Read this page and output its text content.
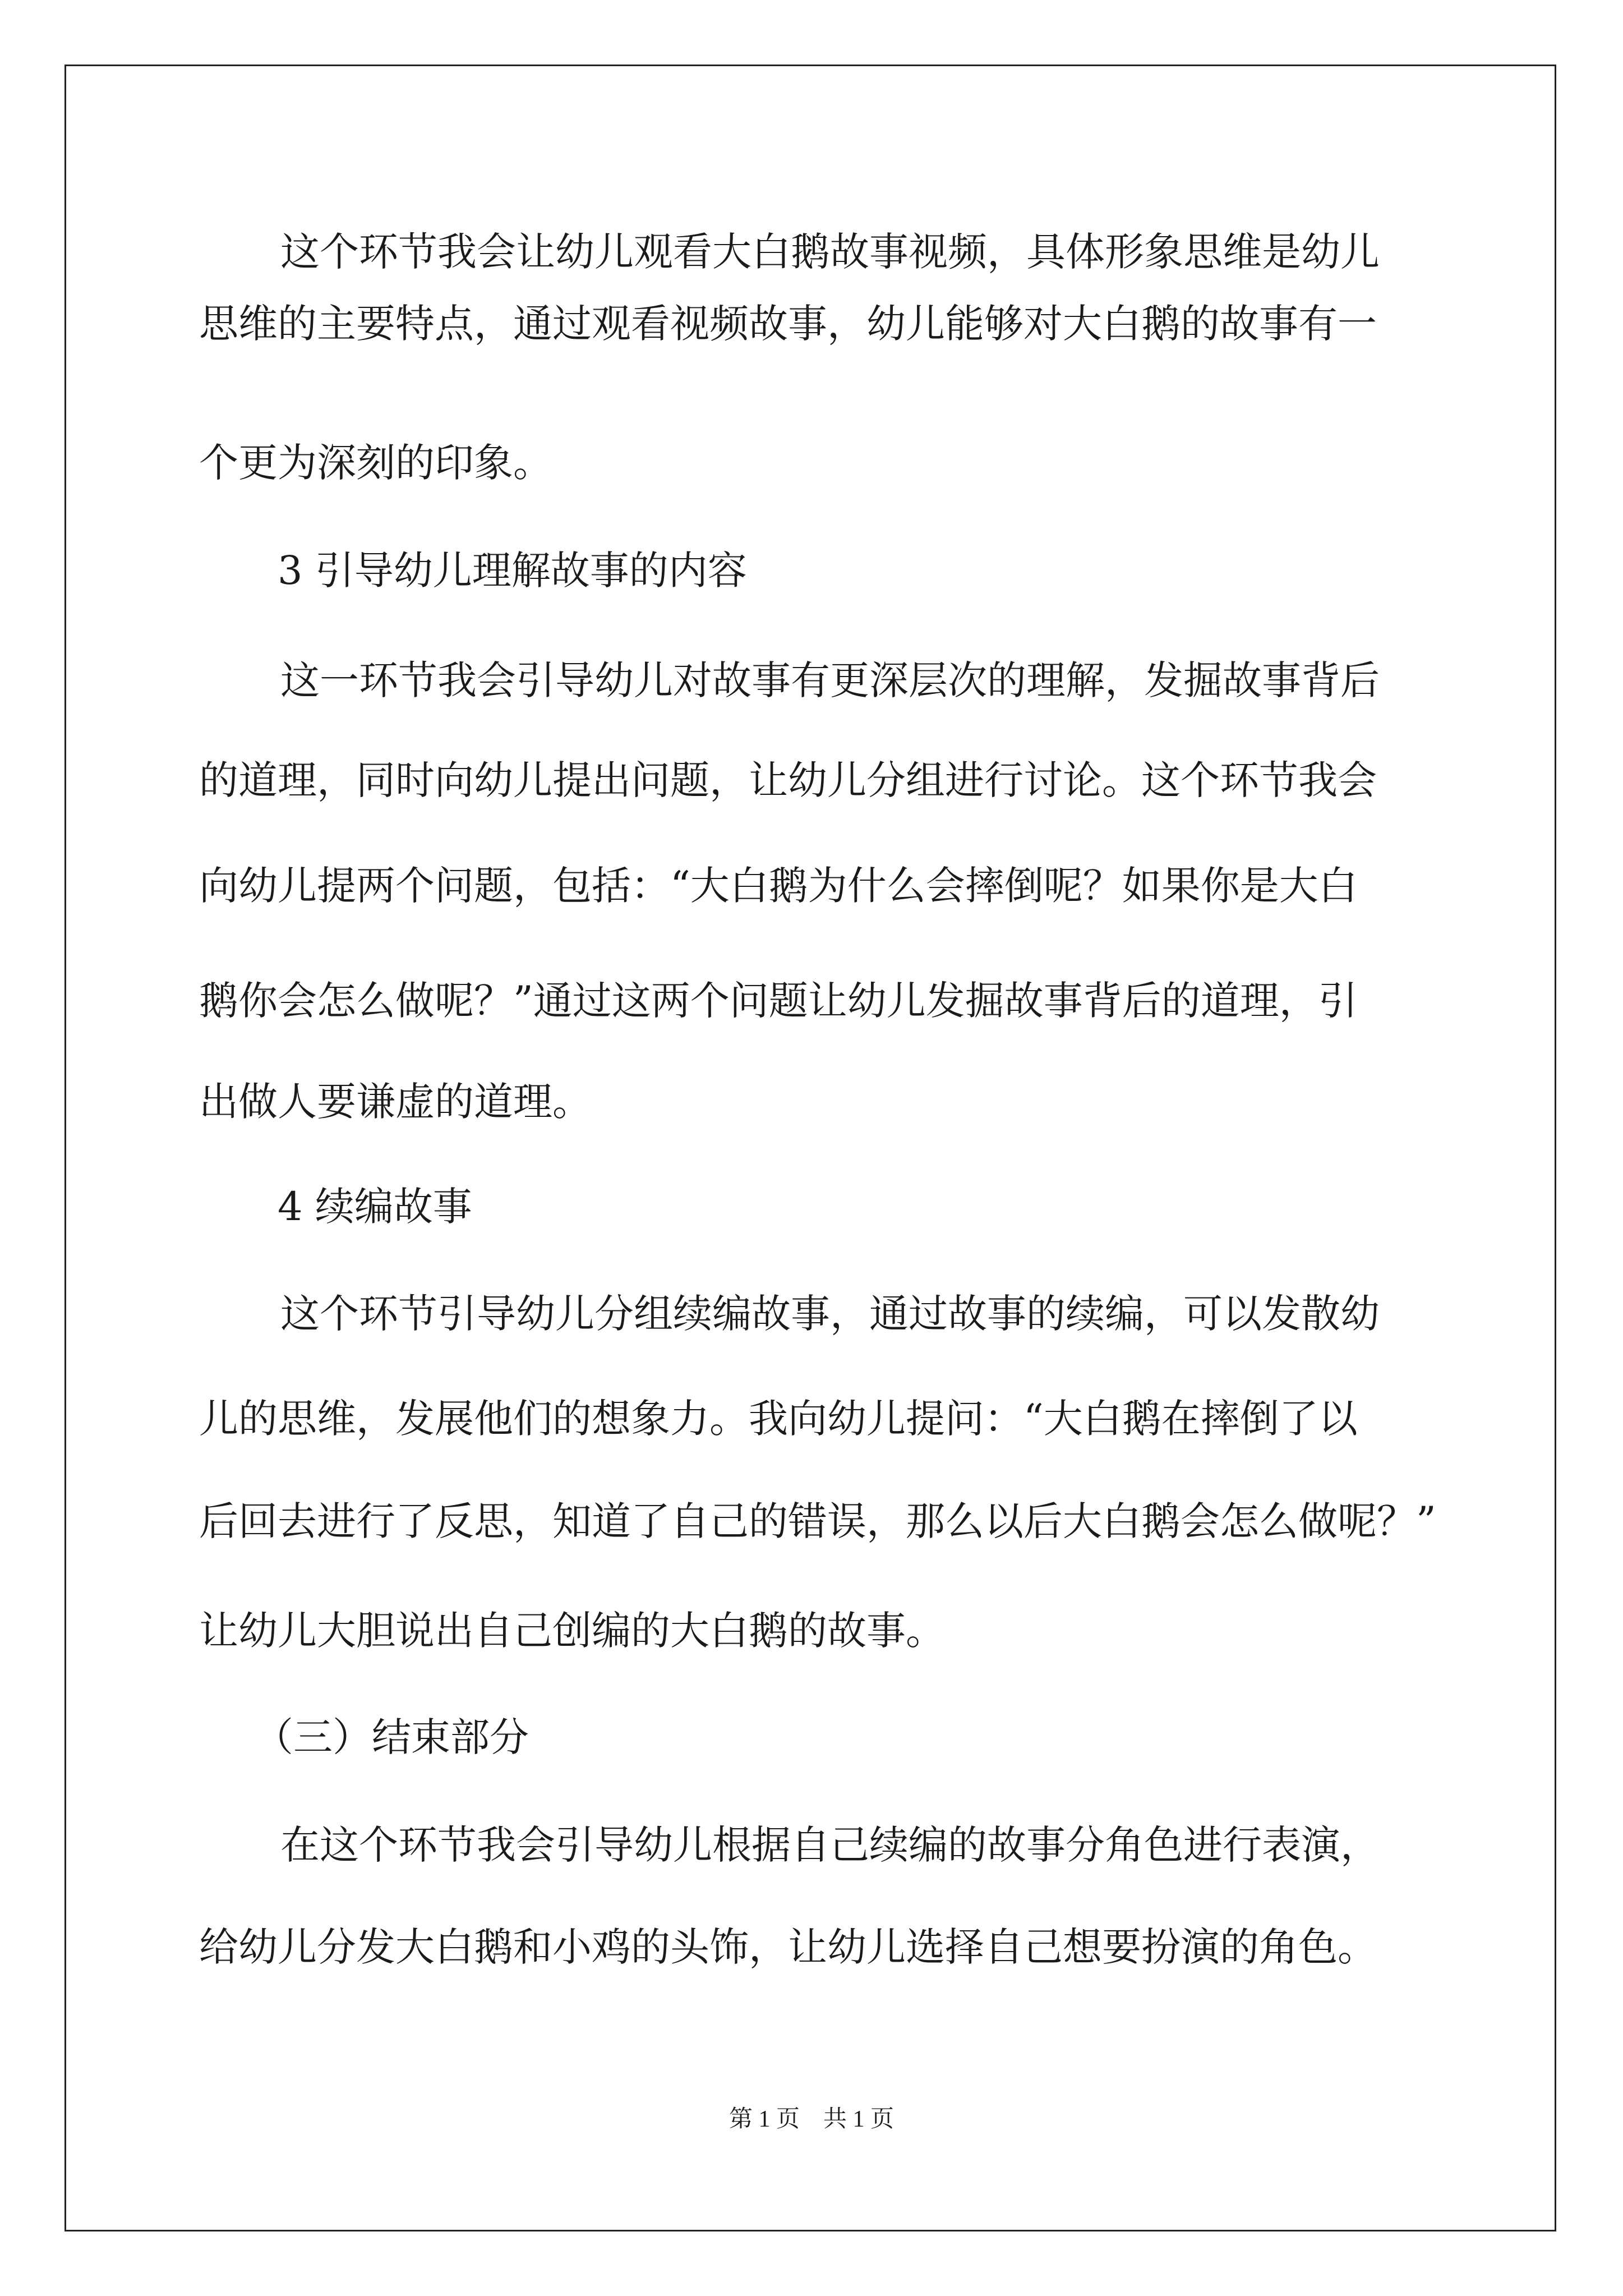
这个环节我会让幼儿观看大白鹅故事视频，具体形象思维是幼儿
思维的主要特点，通过观看视频故事，幼儿能够对大白鹅的故事有一
个更为深刻的印象。
3 引导幼儿理解故事的内容
这一环节我会引导幼儿对故事有更深层次的理解，发掘故事背后
的道理，同时向幼儿提出问题，让幼儿分组进行讨论。这个环节我会
向幼儿提两个问题，包括：“大白鹅为什么会摔倒呢？如果你是大白
鹅你会怎么做呢？”通过这两个问题让幼儿发掘故事背后的道理，引
出做人要谦虚的道理。
4 续编故事
这个环节引导幼儿分组续编故事，通过故事的续编，可以发散幼
儿的思维，发展他们的想象力。我向幼儿提问：“大白鹅在摔倒了以
后回去进行了反思，知道了自己的错误，那么以后大白鹅会怎么做呢？”
让幼儿大胆说出自己创编的大白鹅的故事。
（三）结束部分
在这个环节我会引导幼儿根据自己续编的故事分角色进行表演，
给幼儿分发大白鹅和小鸡的头饰，让幼儿选择自己想要扮演的角色。
第 1 页 共 1 页
